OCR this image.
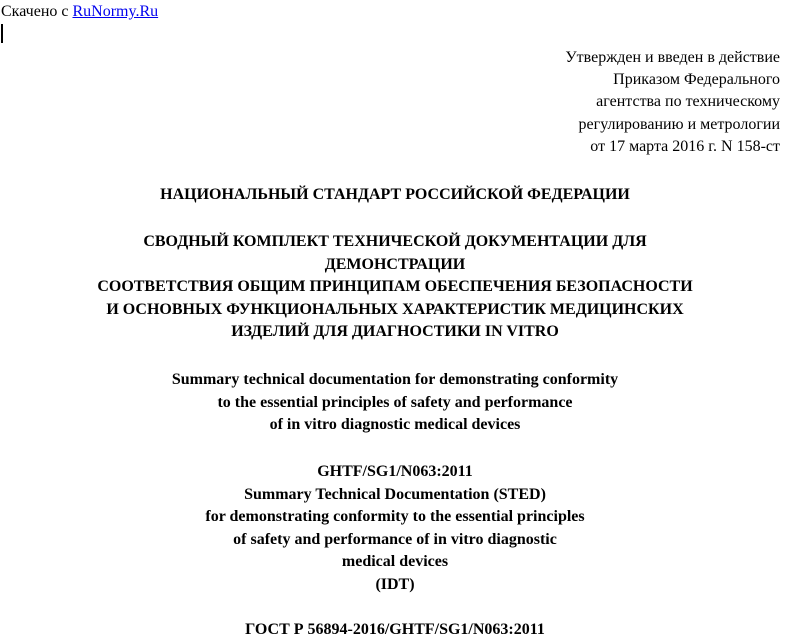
Скачено с RuNormy.Ru
Утвержден и введен в действие
Приказом Федерального
агентства по техническому
регулированию и метрологии
от 17 марта 2016 г. N 158-ст
НАЦИОНАЛЬНЫЙ СТАНДАРТ РОССИЙСКОЙ ФЕДЕРАЦИИ
СВОДНЫЙ КОМПЛЕКТ ТЕХНИЧЕСКОЙ ДОКУМЕНТАЦИИ ДЛЯ
ДЕМОНСТРАЦИИ
СООТВЕТСТВИЯ ОБЩИМ ПРИНЦИПАМ ОБЕСПЕЧЕНИЯ БЕЗОПАСНОСТИ
И ОСНОВНЫХ ФУНКЦИОНАЛЬНЫХ ХАРАКТЕРИСТИК МЕДИЦИНСКИХ
ИЗДЕЛИЙ ДЛЯ ДИАГНОСТИКИ IN VITRO
Summary technical documentation for demonstrating conformity
to the essential principles of safety and performance
of in vitro diagnostic medical devices
GHTF/SG1/N063:2011
Summary Technical Documentation (STED)
for demonstrating conformity to the essential principles
of safety and performance of in vitro diagnostic
medical devices
(IDT)
ГОСТ Р 56894-2016/GHTF/SG1/N063:2011
